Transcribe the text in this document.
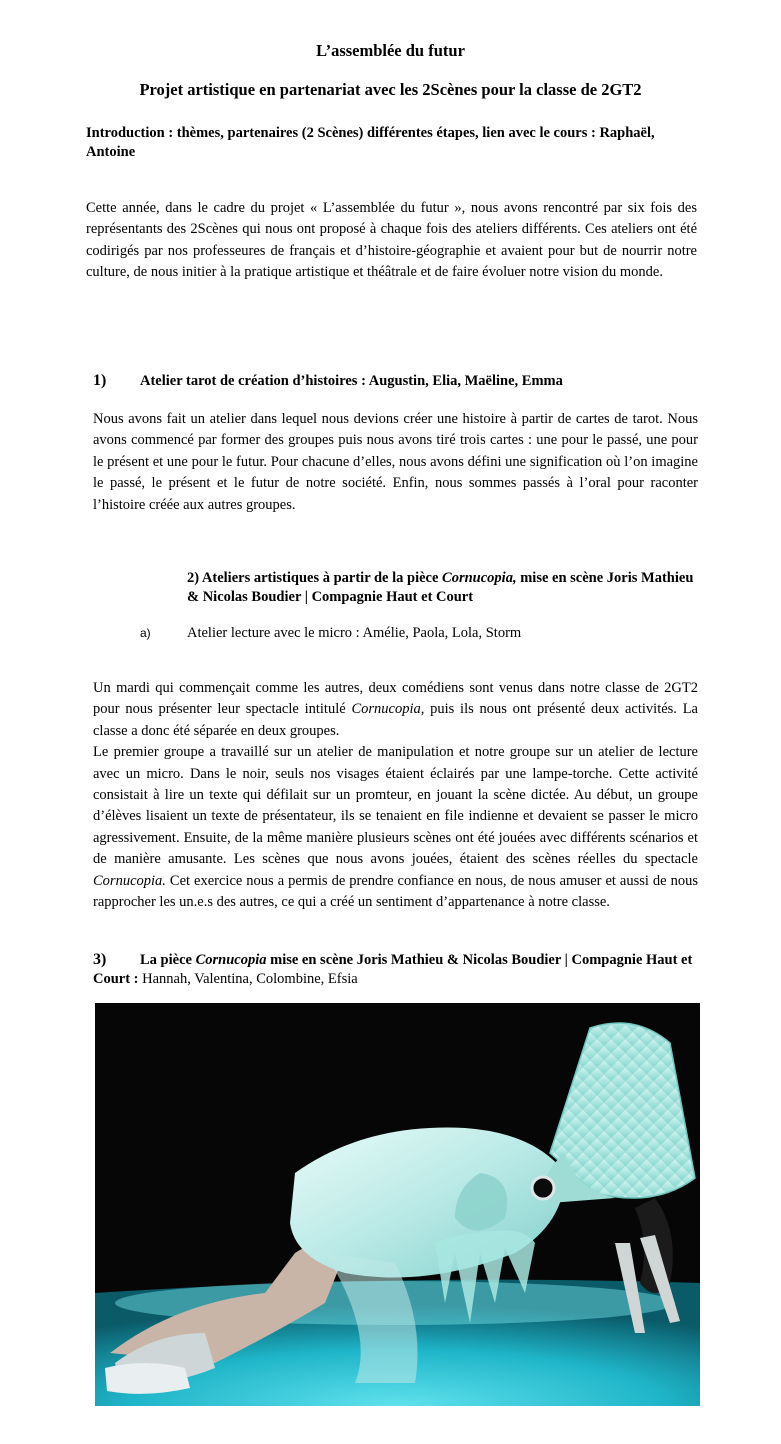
L’assemblée du futur
Projet artistique en partenariat avec les 2Scènes pour la classe de 2GT2
Introduction : thèmes, partenaires (2 Scènes) différentes étapes, lien avec le cours : Raphaël, Antoine
Cette année, dans le cadre du projet « L’assemblée du futur », nous avons rencontré par six fois des représentants des 2Scènes qui nous ont proposé à chaque fois des ateliers différents. Ces ateliers ont été codirigés par nos professeures de français et d’histoire-géographie et avaient pour but de nourrir notre culture, de nous initier à la pratique artistique et théâtrale et de faire évoluer notre vision du monde.
1) Atelier tarot de création d’histoires : Augustin, Elia, Maëline, Emma
Nous avons fait un atelier dans lequel nous devions créer une histoire à partir de cartes de tarot. Nous avons commencé par former des groupes puis nous avons tiré trois cartes : une pour le passé, une pour le présent et une pour le futur. Pour chacune d’elles, nous avons défini une signification où l’on imagine le passé, le présent et le futur de notre société. Enfin, nous sommes passés à l’oral pour raconter l’histoire créée aux autres groupes.
2) Ateliers artistiques à partir de la pièce Cornucopia, mise en scène Joris Mathieu & Nicolas Boudier | Compagnie Haut et Court
a)	Atelier lecture avec le micro : Amélie, Paola, Lola, Storm
Un mardi qui commençait comme les autres, deux comédiens sont venus dans notre classe de 2GT2 pour nous présenter leur spectacle intitulé Cornucopia, puis ils nous ont présenté deux activités. La classe a donc été séparée en deux groupes.
Le premier groupe a travaillé sur un atelier de manipulation et notre groupe sur un atelier de lecture avec un micro. Dans le noir, seuls nos visages étaient éclairés par une lampe-torche. Cette activité consistait à lire un texte qui défilait sur un promteur, en jouant la scène dictée. Au début, un groupe d’élèves lisaient un texte de présentateur, ils se tenaient en file indienne et devaient se passer le micro agressivement. Ensuite, de la même manière plusieurs scènes ont été jouées avec différents scénarios et de manière amusante. Les scènes que nous avons jouées, étaient des scènes réelles du spectacle Cornucopia. Cet exercice nous a permis de prendre confiance en nous, de nous amuser et aussi de nous rapprocher les un.e.s des autres, ce qui a créé un sentiment d’appartenance à notre classe.
3) La pièce Cornucopia mise en scène Joris Mathieu & Nicolas Boudier | Compagnie Haut et Court : Hannah, Valentina, Colombine, Efsia
